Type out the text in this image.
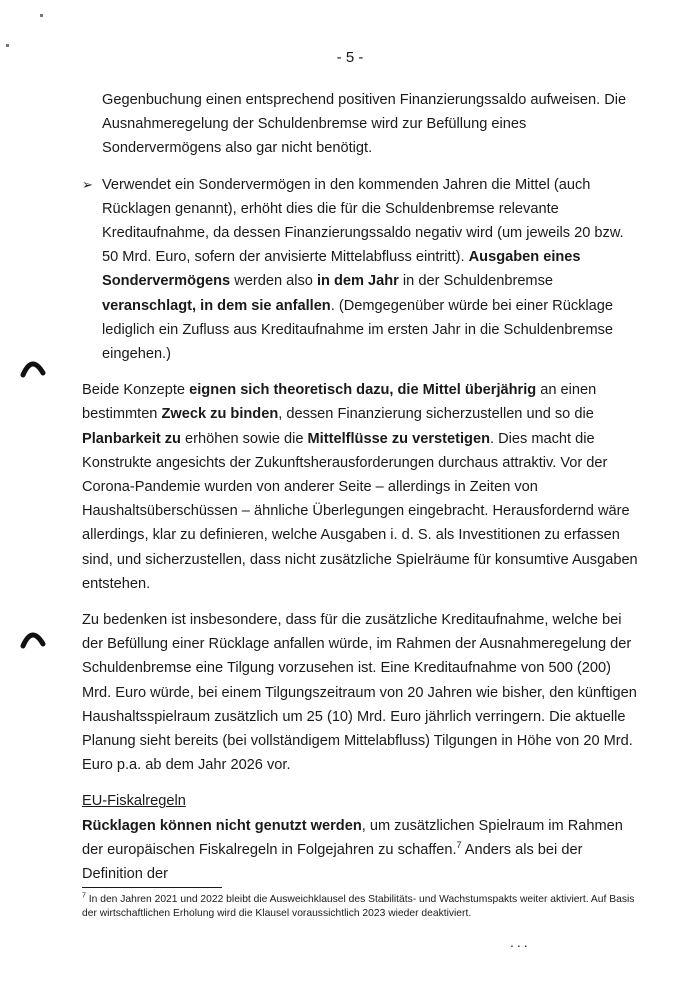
- 5 -

Gegenbuchung einen entsprechend positiven Finanzierungssaldo aufweisen. Die Ausnahmeregelung der Schuldenbremse wird zur Befüllung eines Sondervermögens also gar nicht benötigt.

➢ Verwendet ein Sondervermögen in den kommenden Jahren die Mittel (auch Rücklagen genannt), erhöht dies die für die Schuldenbremse relevante Kreditaufnahme, da dessen Finanzierungssaldo negativ wird (um jeweils 20 bzw. 50 Mrd. Euro, sofern der anvisierte Mittelabfluss eintritt). Ausgaben eines Sondervermögens werden also in dem Jahr in der Schuldenbremse veranschlagt, in dem sie anfallen. (Demgegenüber würde bei einer Rücklage lediglich ein Zufluss aus Kreditaufnahme im ersten Jahr in die Schuldenbremse eingehen.)

Beide Konzepte eignen sich theoretisch dazu, die Mittel überjährig an einen bestimmten Zweck zu binden, dessen Finanzierung sicherzustellen und so die Planbarkeit zu erhöhen sowie die Mittelflüsse zu verstetigen. Dies macht die Konstrukte angesichts der Zukunftsherausforderungen durchaus attraktiv. Vor der Corona-Pandemie wurden von anderer Seite – allerdings in Zeiten von Haushaltsüberschüssen – ähnliche Überlegungen eingebracht. Herausfordernd wäre allerdings, klar zu definieren, welche Ausgaben i. d. S. als Investitionen zu erfassen sind, und sicherzustellen, dass nicht zusätzliche Spielräume für konsumtive Ausgaben entstehen.

Zu bedenken ist insbesondere, dass für die zusätzliche Kreditaufnahme, welche bei der Befüllung einer Rücklage anfallen würde, im Rahmen der Ausnahmeregelung der Schuldenbremse eine Tilgung vorzusehen ist. Eine Kreditaufnahme von 500 (200) Mrd. Euro würde, bei einem Tilgungszeitraum von 20 Jahren wie bisher, den künftigen Haushaltsspielraum zusätzlich um 25 (10) Mrd. Euro jährlich verringern. Die aktuelle Planung sieht bereits (bei vollständigem Mittelabfluss) Tilgungen in Höhe von 20 Mrd. Euro p.a. ab dem Jahr 2026 vor.

EU-Fiskalregeln

Rücklagen können nicht genutzt werden, um zusätzlichen Spielraum im Rahmen der europäischen Fiskalregeln in Folgejahren zu schaffen.$^7$ Anders als bei der Definition der

$^7$ In den Jahren 2021 und 2022 bleibt die Ausweichklausel des Stabilitäts- und Wachstumspakts weiter aktiviert. Auf Basis der wirtschaftlichen Erholung wird die Klausel voraussichtlich 2023 wieder deaktiviert.

...
